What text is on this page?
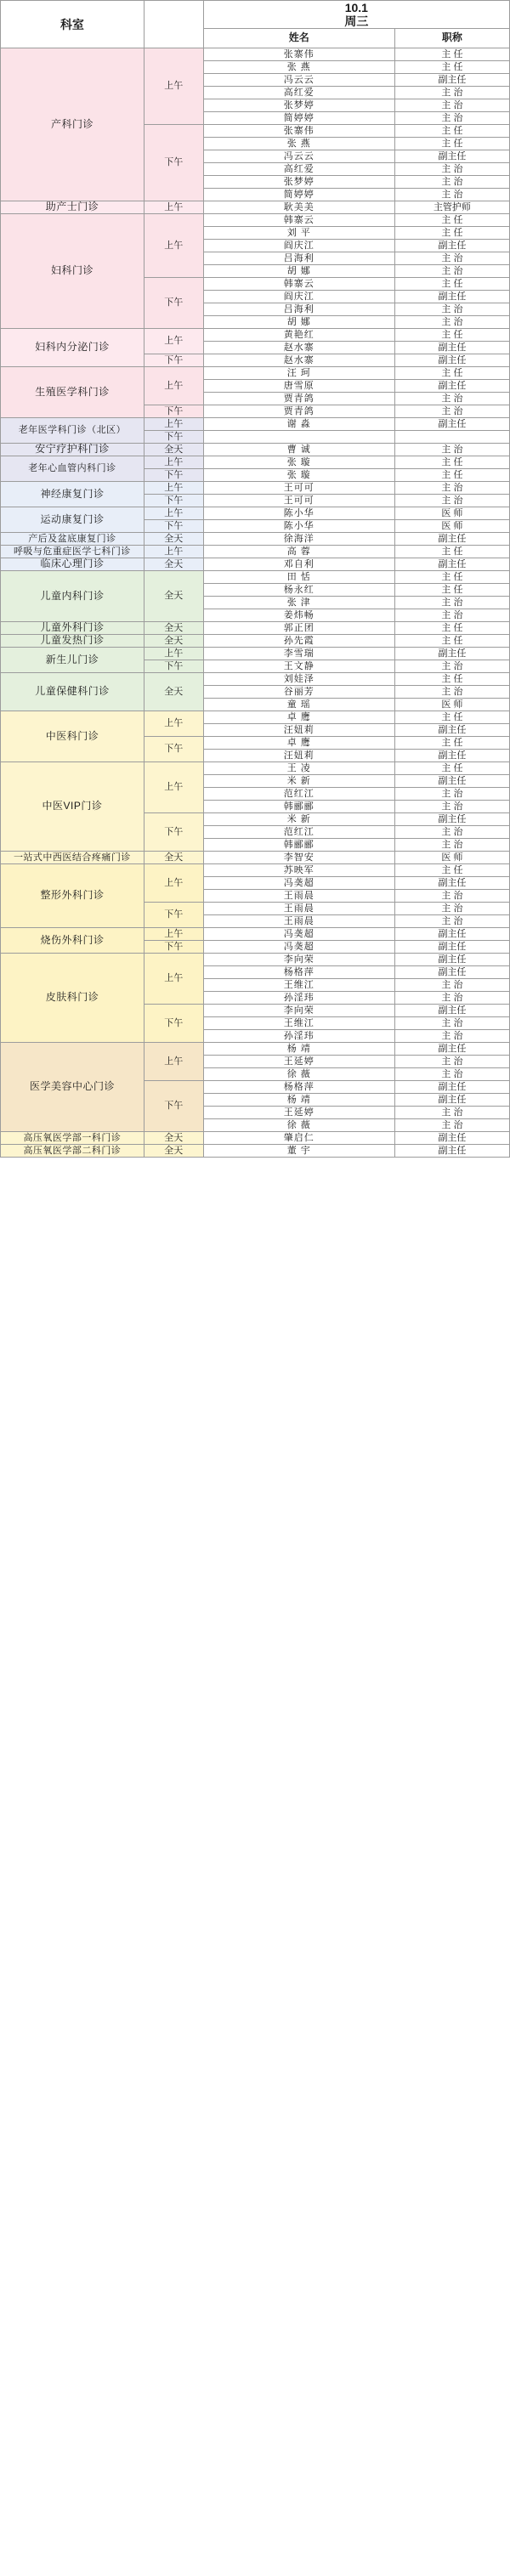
科室		10.1
周三	

		姓名	职称
产科门诊	上午	张寨伟	主 任
		张 燕	主 任
		冯云云	副主任
		高红爱	主 治
		张梦婷	主 治
		简婷婷	主 治
	下午	张寨伟	主 任
		张 燕	主 任
		冯云云	副主任
		高红爱	主 治
		张梦婷	主 治
		简婷婷	主 治
助产士门诊	上午	耿美美	主管护师
妇科门诊	上午	韩寨云	主 任
		刘 平	主 任
		阎庆江	副主任
		吕海利	主 治
		胡 娜	主 治
	下午	韩寨云	主 任
		阎庆江	副主任
		吕海利	主 治
		胡 娜	主 治
妇科内分泌门诊	上午	黄艳红	主 任
		赵水寨	副主任
	下午	赵水寨	副主任
生殖医学科门诊	上午	汪 珂	主 任
		唐雪原	副主任
		贾青鸽	主 治
	下午	贾青鸽	主 治
老年医学科门诊（北区）	上午	谢 淼	副主任
	下午		
安宁疗护科门诊	全天	曹 诚	主 治
老年心血管内科门诊	上午	张 璇	主 任
	下午	张 璇	主 任
神经康复门诊	上午	王可可	主 治
	下午	王可可	主 治
运动康复门诊	上午	陈小华	医 师
	下午	陈小华	医 师
产后及盆底康复门诊	全天	徐海洋	副主任
呼吸与危重症医学七科门诊	上午	高 蓉	主 任
临床心理门诊	全天	邓自利	副主任
儿童内科门诊	全天	田 恬	主 任
		杨永红	主 任
		张 津	主 治
		姜炜畅	主 治
儿童外科门诊	全天	郭正团	主 任
儿童发热门诊	全天	孙先霞	主 任
新生儿门诊	上午	李雪瑞	副主任
	下午	王文静	主 治
儿童保健科门诊	全天	刘娃泽	主 任
		谷丽芳	主 治
		童 瑶	医 师
中医科门诊	上午	卓 鹰	主 任
		汪妞莉	副主任
	下午	卓 鹰	主 任
		汪妞莉	副主任
中医VIP门诊	上午	王 凌	主 任
		米 新	副主任
		范红江	主 治
		韩郦郦	主 治
	下午	米 新	副主任
		范红江	主 治
		韩郦郦	主 治
一站式中西医结合疼痛门诊	全天	李智安	医 师
整形外科门诊	上午	苏映军	主 任
		冯䶮超	副主任
		王雨晨	主 治
	下午	王雨晨	主 治
		王雨晨	主 治
烧伤外科门诊	上午	冯䶮超	副主任
	下午	冯䶮超	副主任
皮肤科门诊	上午	李向荣	副主任
		杨格萍	副主任
		王维江	主 治
		孙淫玮	主 治
	下午	李向荣	副主任
		王维江	主 治
		孙淫玮	主 治
医学美容中心门诊	上午	杨 靖	副主任
		王延婷	主 治
		徐 薇	主 治
	下午	杨格萍	副主任
		杨 靖	副主任
		王延婷	主 治
		徐 薇	主 治
高压氧医学部一科门诊	全天	肇启仁	副主任
高压氧医学部二科门诊	全天	董 宇	副主任
